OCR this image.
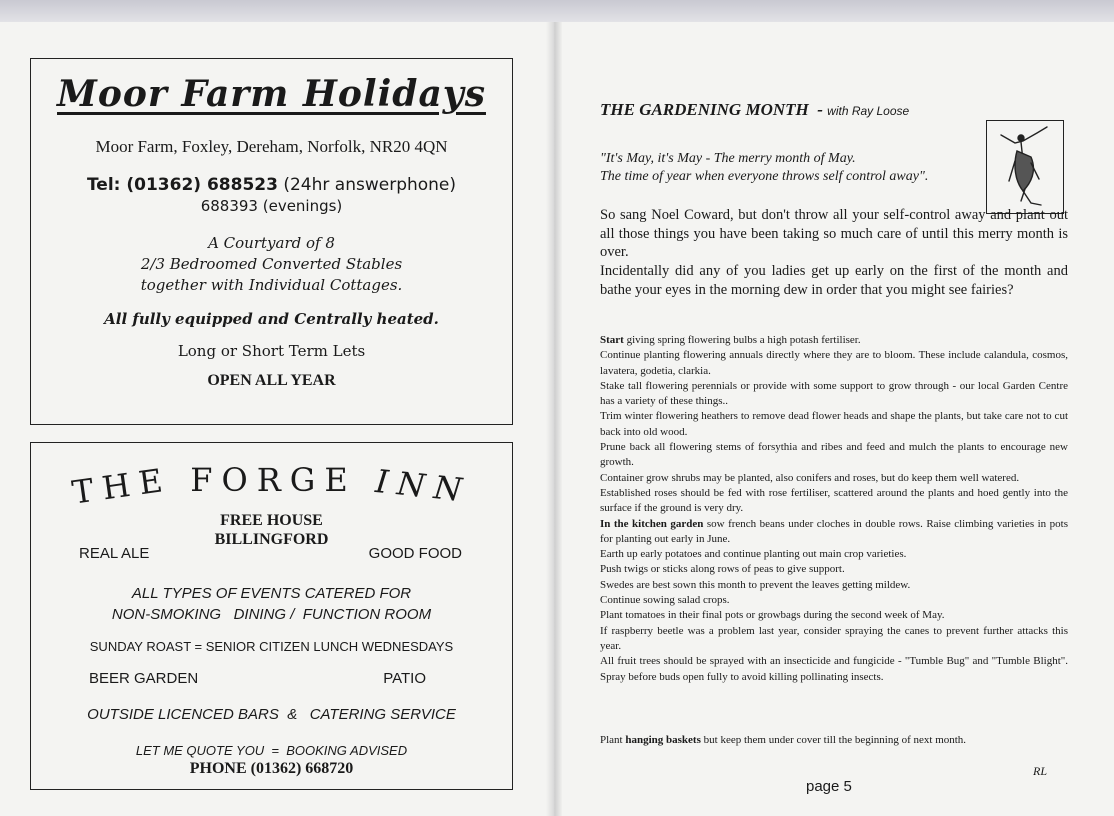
Moor Farm Holidays
Moor Farm, Foxley, Dereham, Norfolk, NR20 4QN
Tel: (01362) 688523 (24hr answerphone)
688393 (evenings)
A Courtyard of 8
2/3 Bedroomed Converted Stables
together with Individual Cottages.
All fully equipped and Centrally heated.
Long or Short Term Lets
OPEN ALL YEAR
THE FORGE INN
FREE HOUSE
BILLINGFORD
REAL ALE	GOOD FOOD
ALL TYPES OF EVENTS CATERED FOR
NON-SMOKING   DINING /  FUNCTION ROOM
SUNDAY ROAST = SENIOR CITIZEN LUNCH WEDNESDAYS
BEER GARDEN	PATIO
OUTSIDE LICENCED BARS  &   CATERING SERVICE
LET ME QUOTE YOU  =  BOOKING ADVISED
PHONE (01362) 668720
THE GARDENING MONTH  - with Ray Loose
"It's May, it's May - The merry month of May.
The time of year when everyone throws self control away".
So sang Noel Coward, but don't throw all your self-control away and plant out all those things you have been taking so much care of until this merry month is over.
Incidentally did any of you ladies get up early on the first of the month and bathe your eyes in the morning dew in order that you might see fairies?

Start giving spring flowering bulbs a high potash fertiliser.

Continue planting flowering annuals directly where they are to bloom. These include calandula, cosmos, lavatera, godetia, clarkia.

Stake tall flowering perennials or provide with some support to grow through - our local Garden Centre has a variety of these things..

Trim winter flowering heathers to remove dead flower heads and shape the plants, but take care not to cut back into old wood.

Prune back all flowering stems of forsythia and ribes and feed and mulch the plants to encourage new growth.

Container grow shrubs may be planted, also conifers and roses, but do keep them well watered.

Established roses should be fed with rose fertiliser, scattered around the plants and hoed gently into the surface if the ground is very dry.

In the kitchen garden sow french beans under cloches in double rows. Raise climbing varieties in pots for planting out early in June.

Earth up early potatoes and continue planting out main crop varieties.

Push twigs or sticks along rows of peas to give support.

Swedes are best sown this month to prevent the leaves getting mildew.

Continue sowing salad crops.

Plant tomatoes in their final pots or growbags during the second week of May.

If raspberry beetle was a problem last year, consider spraying the canes to prevent further attacks this year.

All fruit trees should be sprayed with an insecticide and fungicide - "Tumble Bug" and "Tumble Blight". Spray before buds open fully to avoid killing pollinating insects.

Plant hanging baskets but keep them under cover till the beginning of next month.
RL
page 5
